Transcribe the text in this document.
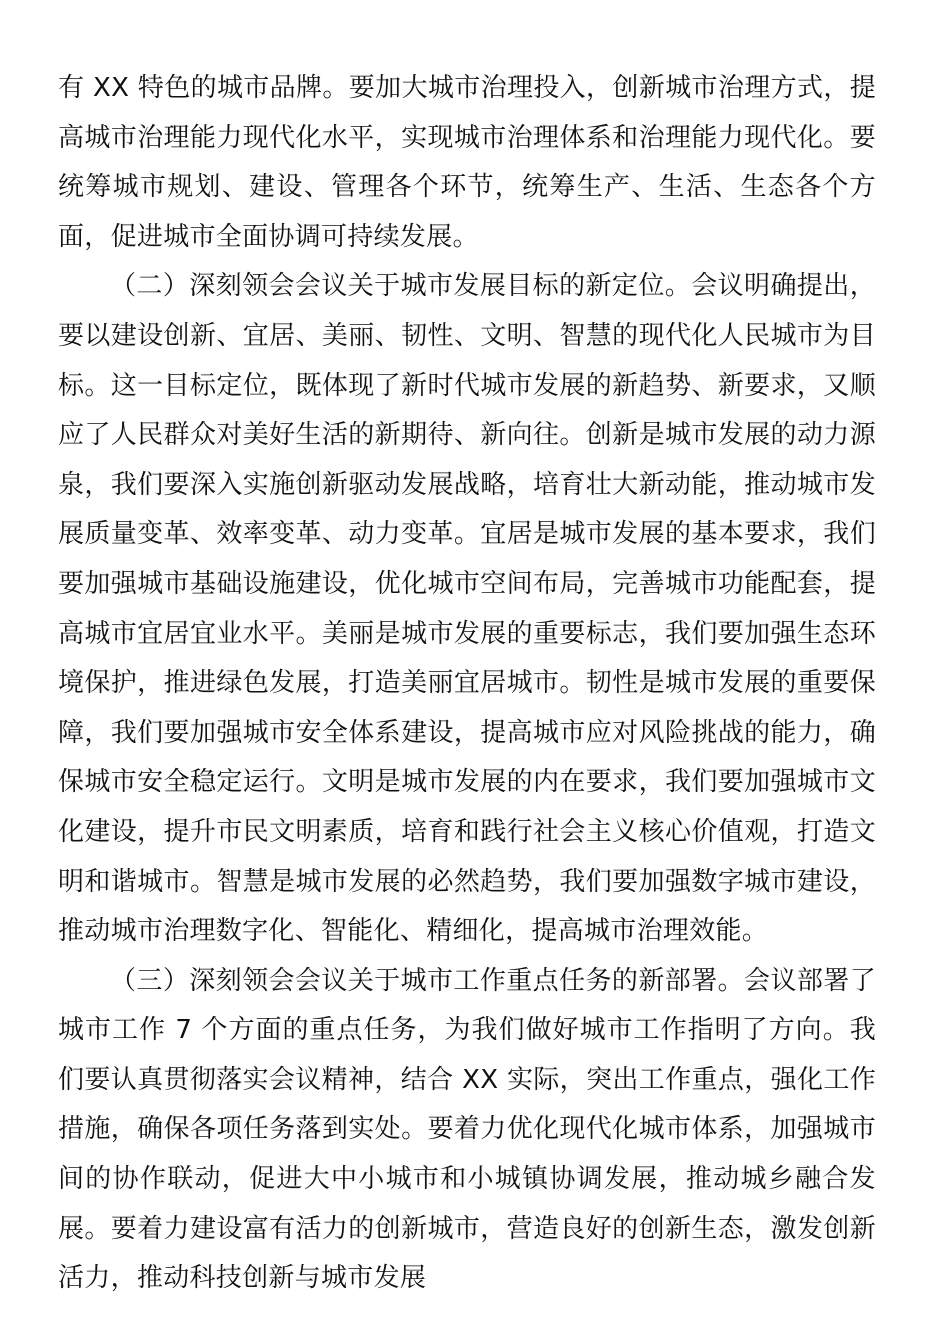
有 XX 特色的城市品牌。要加大城市治理投入，创新城市治理方式，提高城市治理能力现代化水平，实现城市治理体系和治理能力现代化。要统筹城市规划、建设、管理各个环节，统筹生产、生活、生态各个方面，促进城市全面协调可持续发展。

（二）深刻领会会议关于城市发展目标的新定位。会议明确提出，要以建设创新、宜居、美丽、韧性、文明、智慧的现代化人民城市为目标。这一目标定位，既体现了新时代城市发展的新趋势、新要求，又顺应了人民群众对美好生活的新期待、新向往。创新是城市发展的动力源泉，我们要深入实施创新驱动发展战略，培育壮大新动能，推动城市发展质量变革、效率变革、动力变革。宜居是城市发展的基本要求，我们要加强城市基础设施建设，优化城市空间布局，完善城市功能配套，提高城市宜居宜业水平。美丽是城市发展的重要标志，我们要加强生态环境保护，推进绿色发展，打造美丽宜居城市。韧性是城市发展的重要保障，我们要加强城市安全体系建设，提高城市应对风险挑战的能力，确保城市安全稳定运行。文明是城市发展的内在要求，我们要加强城市文化建设，提升市民文明素质，培育和践行社会主义核心价值观，打造文明和谐城市。智慧是城市发展的必然趋势，我们要加强数字城市建设，推动城市治理数字化、智能化、精细化，提高城市治理效能。

（三）深刻领会会议关于城市工作重点任务的新部署。会议部署了城市工作 7 个方面的重点任务，为我们做好城市工作指明了方向。我们要认真贯彻落实会议精神，结合 XX 实际，突出工作重点，强化工作措施，确保各项任务落到实处。要着力优化现代化城市体系，加强城市间的协作联动，促进大中小城市和小城镇协调发展，推动城乡融合发展。要着力建设富有活力的创新城市，营造良好的创新生态，激发创新活力，推动科技创新与城市发展
